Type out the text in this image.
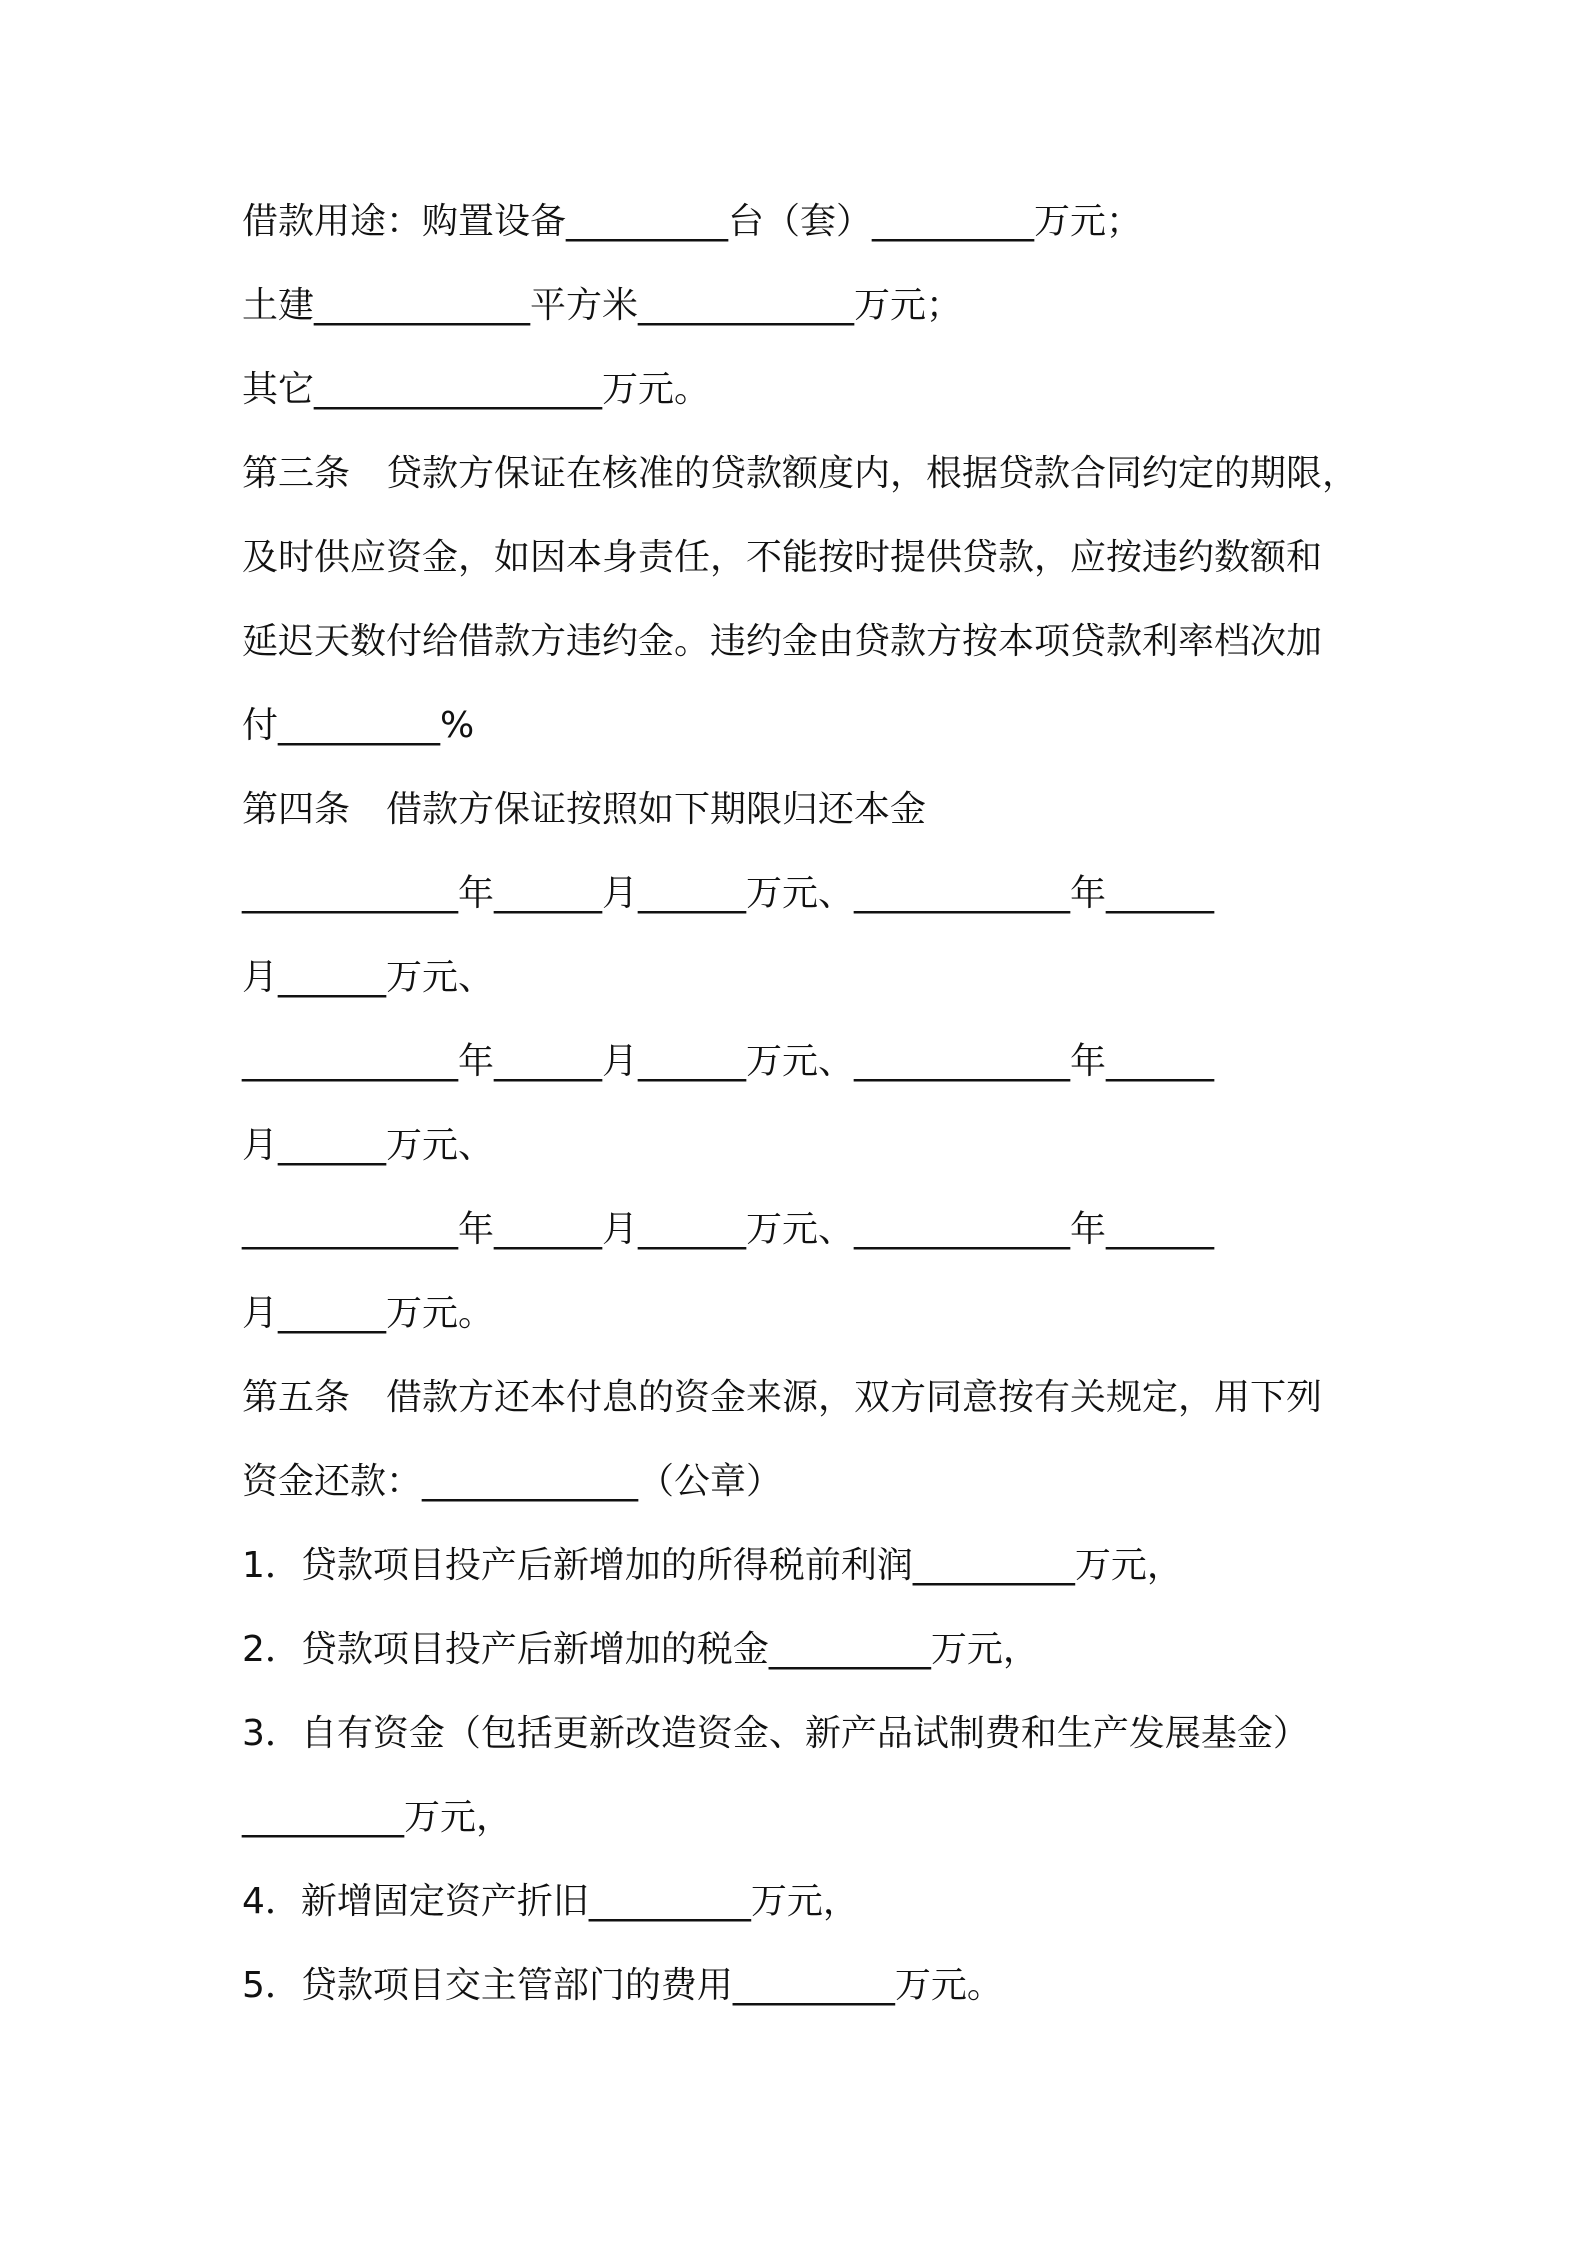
借款用途：购置设备_________台（套）_________万元；
土建____________平方米____________万元；
其它________________万元。
第三条　贷款方保证在核准的贷款额度内，根据贷款合同约定的期限，
及时供应资金，如因本身责任，不能按时提供贷款，应按违约数额和
延迟天数付给借款方违约金。违约金由贷款方按本项贷款利率档次加
付_________%
第四条　借款方保证按照如下期限归还本金
____________年______月______万元、____________年______
月______万元、
____________年______月______万元、____________年______
月______万元、
____________年______月______万元、____________年______
月______万元。
第五条　借款方还本付息的资金来源，双方同意按有关规定，用下列
资金还款：____________（公章）
1．贷款项目投产后新增加的所得税前利润_________万元，
2．贷款项目投产后新增加的税金_________万元，
3．自有资金（包括更新改造资金、新产品试制费和生产发展基金）
_________万元，
4．新增固定资产折旧_________万元，
5．贷款项目交主管部门的费用_________万元。
